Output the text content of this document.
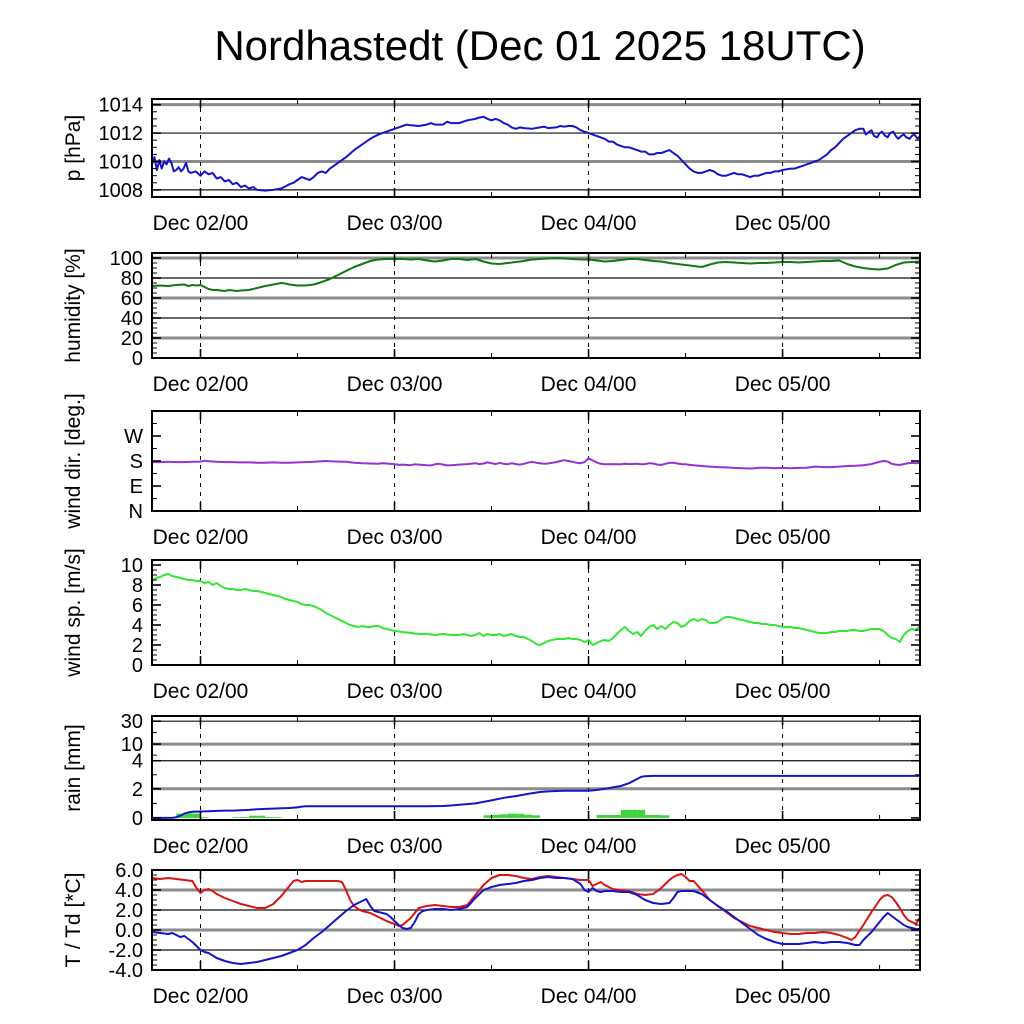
Nordhastedt (Dec 01 2025 18UTC)
1008
1010
1012
1014
Dec 02/00	Dec 03/00	Dec 04/00	Dec 05/00
p [hPa]
0
20
40
60
80
100
Dec 02/00	Dec 03/00	Dec 04/00	Dec 05/00
humidity [%]
N
E
S
W
Dec 02/00	Dec 03/00	Dec 04/00	Dec 05/00
wind dir. [deg.]
0
2
4
6
8
10
Dec 02/00	Dec 03/00	Dec 04/00	Dec 05/00
wind sp. [m/s]
0
2
4
10
30
Dec 02/00	Dec 03/00	Dec 04/00	Dec 05/00
rain [mm]
-4.0
-2.0
0.0
2.0
4.0
6.0
Dec 02/00	Dec 03/00	Dec 04/00	Dec 05/00
T / Td [*C]
